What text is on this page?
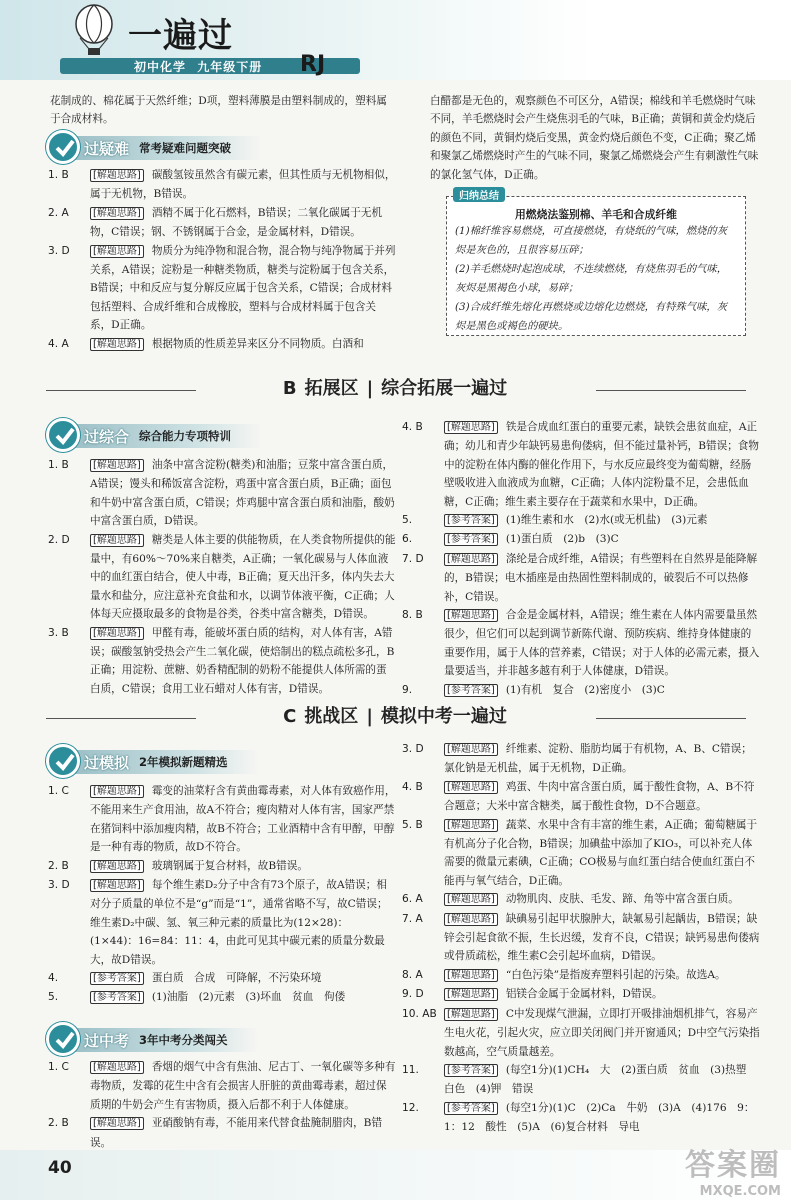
一遍过
初中化学 九年级下册 RJ

花制成的、棉花属于天然纤维；D项，塑料薄膜是由塑料制成的，塑料属于合成材料。

过疑难 常考疑难问题突破
1. B [解题思路] 碳酸氢铵虽然含有碳元素，但其性质与无机物相似，属于无机物，B错误。
2. A [解题思路] 酒精不属于化石燃料，B错误；二氧化碳属于无机物，C错误；钢、不锈钢属于合金，是金属材料，D错误。
3. D [解题思路] 物质分为纯净物和混合物，混合物与纯净物属于并列关系，A错误；淀粉是一种糖类物质，糖类与淀粉属于包含关系，B错误；中和反应与复分解反应属于包含关系，C错误；合成材料包括塑料、合成纤维和合成橡胶，塑料与合成材料属于包含关系，D正确。
4. A [解题思路] 根据物质的性质差异来区分不同物质。白酒和

白醋都是无色的，观察颜色不可区分，A错误；棉线和羊毛燃烧时气味不同，羊毛燃烧时会产生烧焦羽毛的气味，B正确；黄铜和黄金灼烧后的颜色不同，黄铜灼烧后变黑，黄金灼烧后颜色不变，C正确；聚乙烯和聚氯乙烯燃烧时产生的气味不同，聚氯乙烯燃烧会产生有刺激性气味的氯化氢气体，D正确。

归纳总结
用燃烧法鉴别棉、羊毛和合成纤维
(1)棉纤维容易燃烧，可直接燃烧，有烧纸的气味，燃烧的灰烬是灰色的，且很容易压碎；
(2)羊毛燃烧时起泡成球，不连续燃烧，有烧焦羽毛的气味，灰烬是黑褐色小球，易碎；
(3)合成纤维先熔化再燃烧或边熔化边燃烧，有特殊气味，灰烬是黑色或褐色的硬块。
B 拓展区 | 综合拓展一遍过
过综合 综合能力专项特训
1. B [解题思路] 油条中富含淀粉(糖类)和油脂；豆浆中富含蛋白质，A错误；馒头和稀饭富含淀粉，鸡蛋中富含蛋白质，B正确；面包和牛奶中富含蛋白质，C错误；炸鸡腿中富含蛋白质和油脂，酸奶中富含蛋白质，D错误。
2. D [解题思路] 糖类是人体主要的供能物质，在人类食物所提供的能量中，有60%～70%来自糖类，A正确；一氧化碳易与人体血液中的血红蛋白结合，使人中毒，B正确；夏天出汗多，体内失去大量水和盐分，应注意补充食盐和水，以调节体液平衡，C正确；人体每天应摄取最多的食物是谷类，谷类中富含糖类，D错误。
3. B [解题思路] 甲醛有毒，能破坏蛋白质的结构，对人体有害，A错误；碳酸氢钠受热会产生二氧化碳，使焙制出的糕点疏松多孔，B正确；用淀粉、蔗糖、奶香精配制的奶粉不能提供人体所需的蛋白质，C错误；食用工业石蜡对人体有害，D错误。
4. B [解题思路] 铁是合成血红蛋白的重要元素，缺铁会患贫血症，A正确；幼儿和青少年缺钙易患佝偻病，但不能过量补钙，B错误；食物中的淀粉在体内酶的催化作用下，与水反应最终变为葡萄糖，经肠壁吸收进入血液成为血糖，C正确；人体内淀粉量不足，会患低血糖，C正确；维生素主要存在于蔬菜和水果中，D正确。
5.	[参考答案] (1)维生素和水　(2)水(或无机盐)　(3)元素
6.	[参考答案] (1)蛋白质　(2)b　(3)C
7. D [解题思路] 涤纶是合成纤维，A错误；有些塑料在自然界是能降解的，B错误；电木插座是由热固性塑料制成的，破裂后不可以热修补，C错误。
8. B [解题思路] 合金是金属材料，A错误；维生素在人体内需要量虽然很少，但它们可以起到调节新陈代谢、预防疾病、维持身体健康的重要作用，属于人体的营养素，C错误；对于人体的必需元素，摄入量要适当，并非越多越有利于人体健康，D错误。
9.	[参考答案] (1)有机　复合　(2)密度小　(3)C
C 挑战区 | 模拟中考一遍过
过模拟 2年模拟新题精选
1. C [解题思路] 霉变的油菜籽含有黄曲霉毒素，对人体有致癌作用，不能用来生产食用油，故A不符合；瘦肉精对人体有害，国家严禁在猪饲料中添加瘦肉精，故B不符合；工业酒精中含有甲醇，甲醇是一种有毒的物质，故D不符合。
2. B [解题思路] 玻璃钢属于复合材料，故B错误。
3. D [解题思路] 每个维生素D₂分子中含有73个原子，故A错误；相对分子质量的单位不是“g”而是“1”，通常省略不写，故C错误；维生素D₂中碳、氢、氧三种元素的质量比为(12×28)：(1×44)：16=84：11：4，由此可见其中碳元素的质量分数最大，故D错误。
4.	[参考答案] 蛋白质　合成　可降解，不污染环境
5.	[参考答案] (1)油脂　(2)元素　(3)坏血　贫血　佝偻
过中考 3年中考分类闯关
1. C [解题思路] 香烟的烟气中含有焦油、尼古丁、一氧化碳等多种有毒物质，发霉的花生中含有会损害人肝脏的黄曲霉毒素，超过保质期的牛奶会产生有害物质，摄入后都不利于人体健康。
2. B [解题思路] 亚硝酸钠有毒，不能用来代替食盐腌制腊肉，B错误。
3. D [解题思路] 纤维素、淀粉、脂肪均属于有机物，A、B、C错误；氯化钠是无机盐，属于无机物，D正确。
4. B [解题思路] 鸡蛋、牛肉中富含蛋白质，属于酸性食物，A、B不符合题意；大米中富含糖类，属于酸性食物，D不合题意。
5. B [解题思路] 蔬菜、水果中含有丰富的维生素，A正确；葡萄糖属于有机高分子化合物，B错误；加碘盐中添加了KIO₃，可以补充人体需要的微量元素碘，C正确；CO极易与血红蛋白结合使血红蛋白不能再与氧气结合，D正确。
6. A [解题思路] 动物肌肉、皮肤、毛发、蹄、角等中富含蛋白质。
7. A [解题思路] 缺碘易引起甲状腺肿大，缺氟易引起龋齿，B错误；缺锌会引起食欲不振，生长迟缓，发育不良，C错误；缺钙易患佝偻病或骨质疏松，维生素C会引起坏血病，D错误。
8. A [解题思路] “白色污染”是指废弃塑料引起的污染。故选A。
9. D [解题思路] 铝镁合金属于金属材料，D错误。
10. AB [解题思路] C中发现煤气泄漏，立即打开吸排油烟机排气，容易产生电火花，引起火灾，应立即关闭阀门并开窗通风；D中空气污染指数越高，空气质量越差。
11.	[参考答案] (每空1分)(1)CH₄　大　(2)蛋白质　贫血　(3)热塑　白色　(4)钾　错误
12.	[参考答案] (每空1分)(1)C　(2)Ca　牛奶　(3)A　(4)176　9：1：12　酸性　(5)A　(6)复合材料　导电
40	答案圈
MXQE.COM
